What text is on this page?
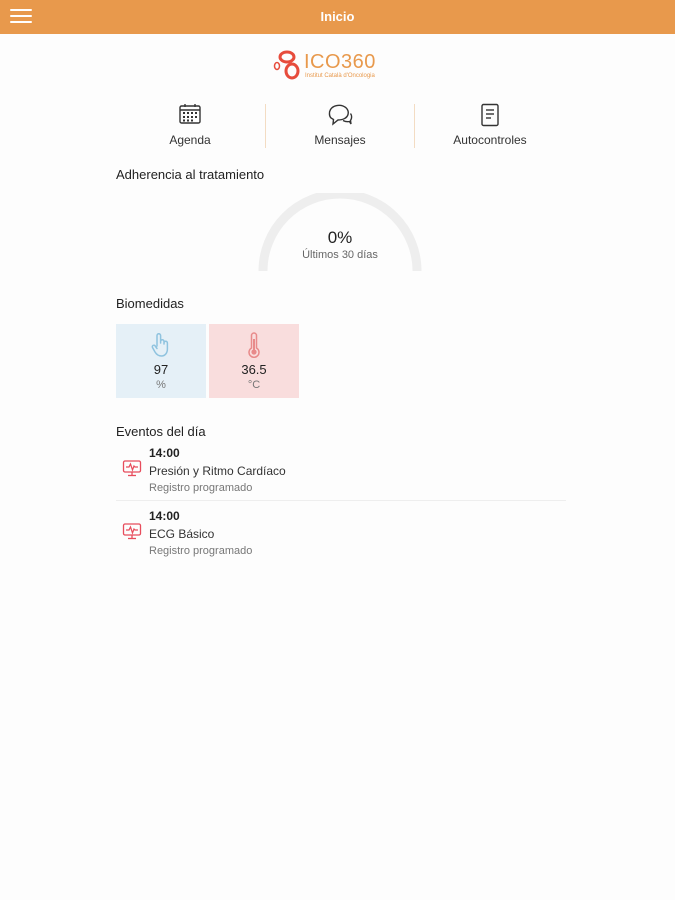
Inicio
ICO360
Institut Català d'Oncologia
Agenda	Mensajes	Autocontroles
Adherencia al tratamiento
0%
Últimos 30 días
Biomedidas
97
%
36.5
°C
Eventos del día
14:00
Presión y Ritmo Cardíaco
Registro programado
14:00
ECG Básico
Registro programado
